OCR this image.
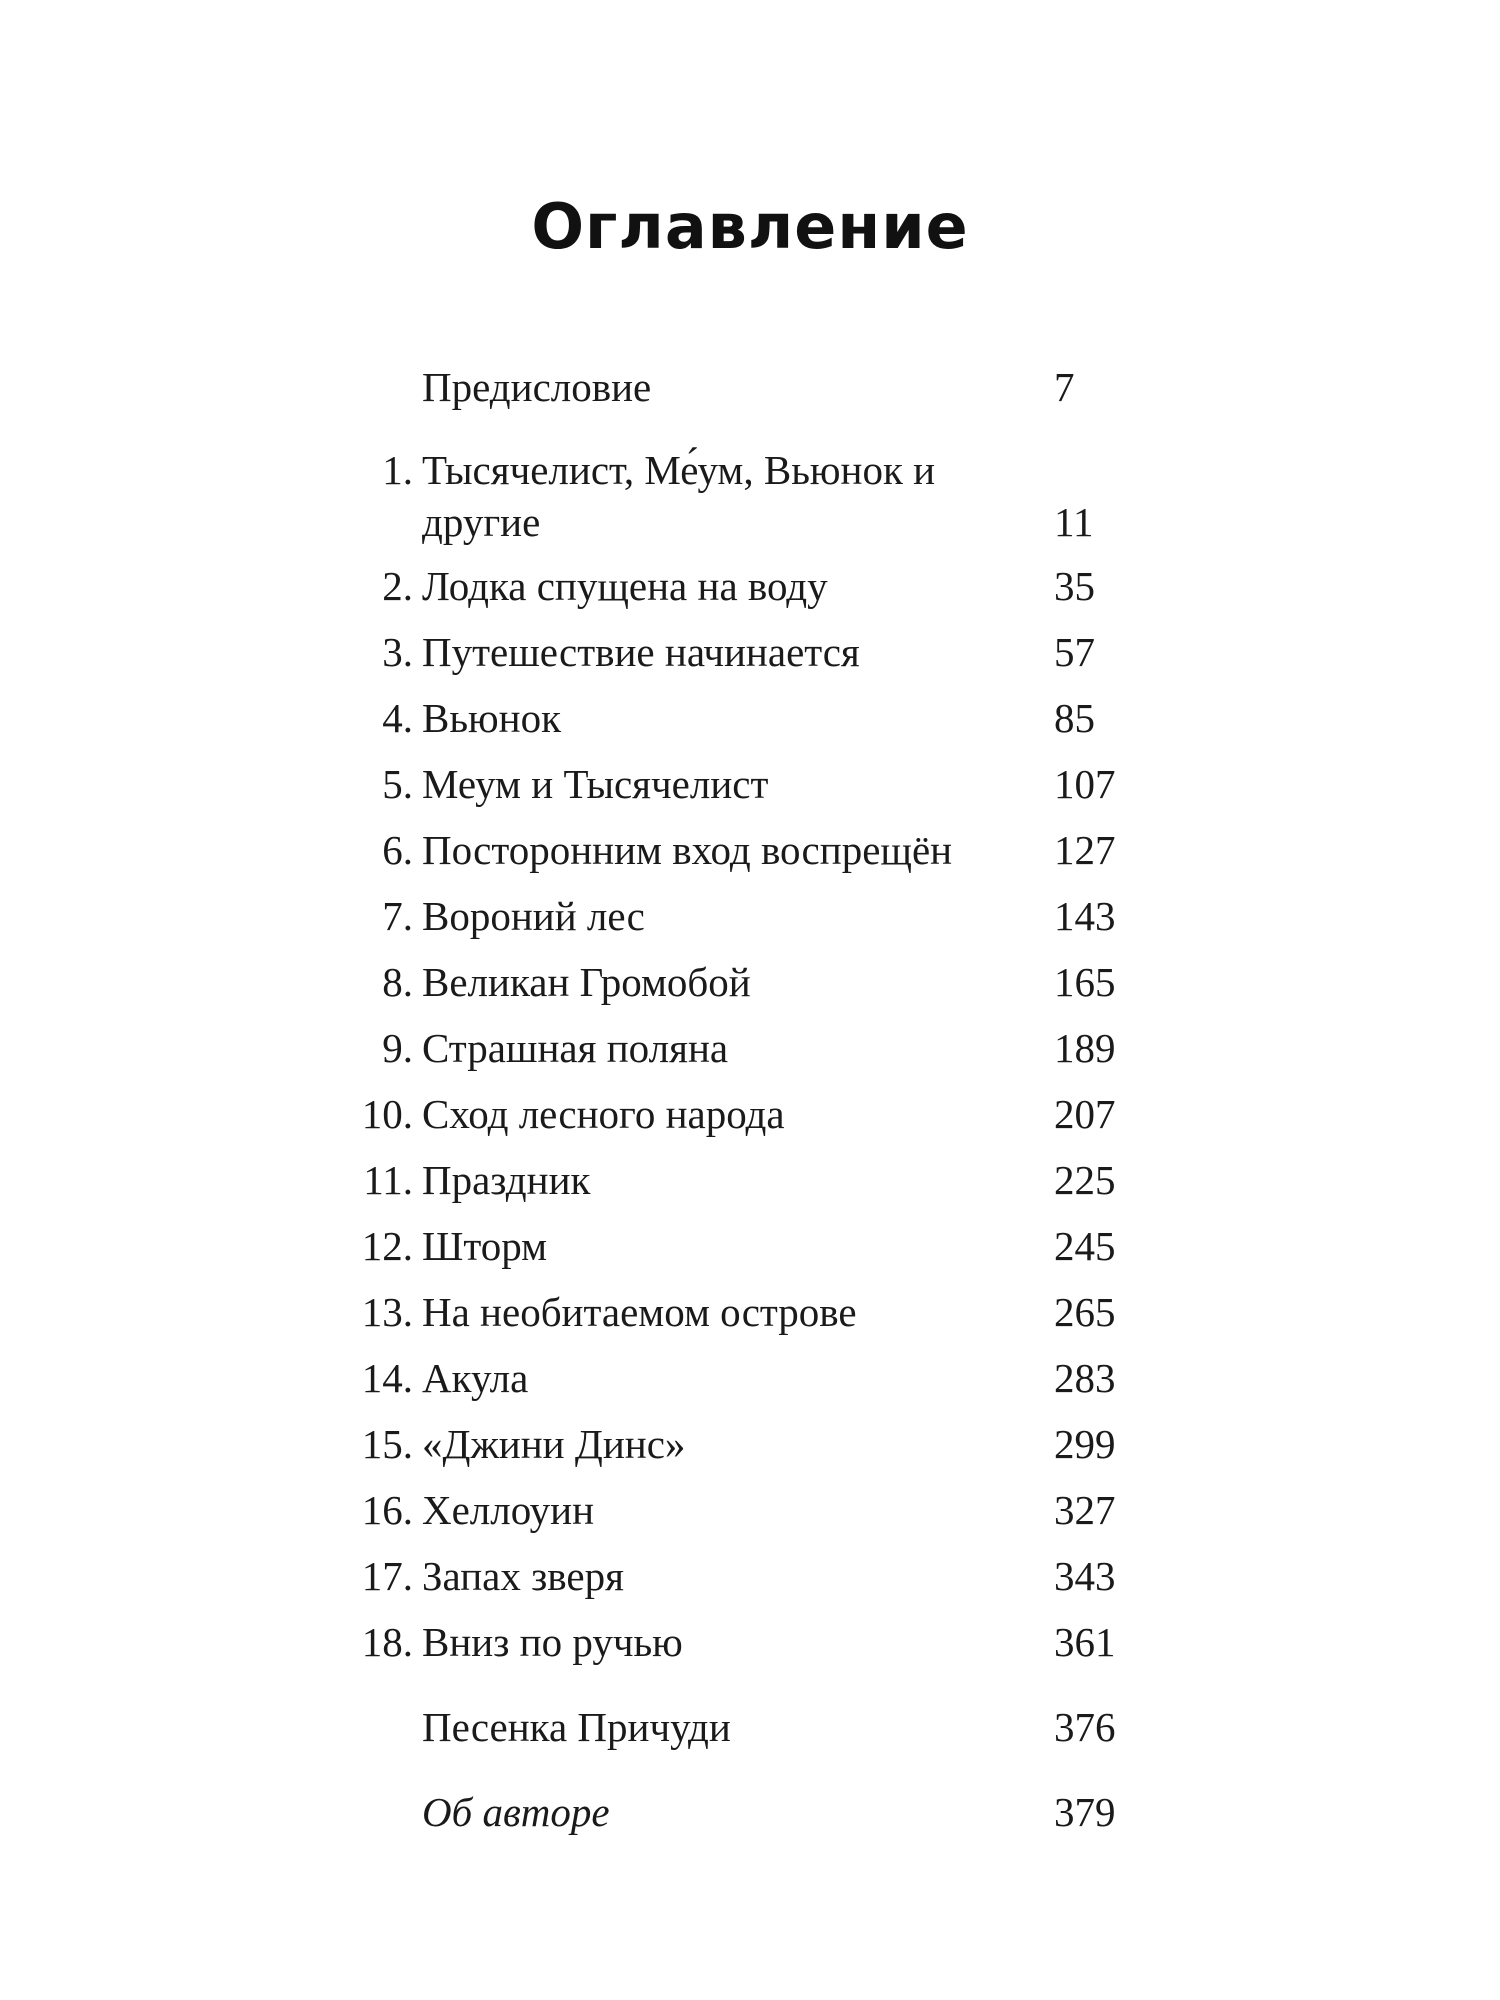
Оглавление
Предисловие	7
1. Тысячелист, Ме́ум, Вьюнок и другие	11
2. Лодка спущена на воду	35
3. Путешествие начинается	57
4. Вьюнок	85
5. Меум и Тысячелист	107
6. Посторонним вход воспрещён 127
7. Вороний лес	143
8. Великан Громобой	165
9. Страшная поляна	189
10. Сход лесного народа	207
11. Праздник	225
12. Шторм	245
13. На необитаемом острове	265
14. Акула	283
15. «Джини Динс»	299
16. Хеллоуин	327
17. Запах зверя	343
18. Вниз по ручью	361
Песенка Причуди	376
Об авторе	379
